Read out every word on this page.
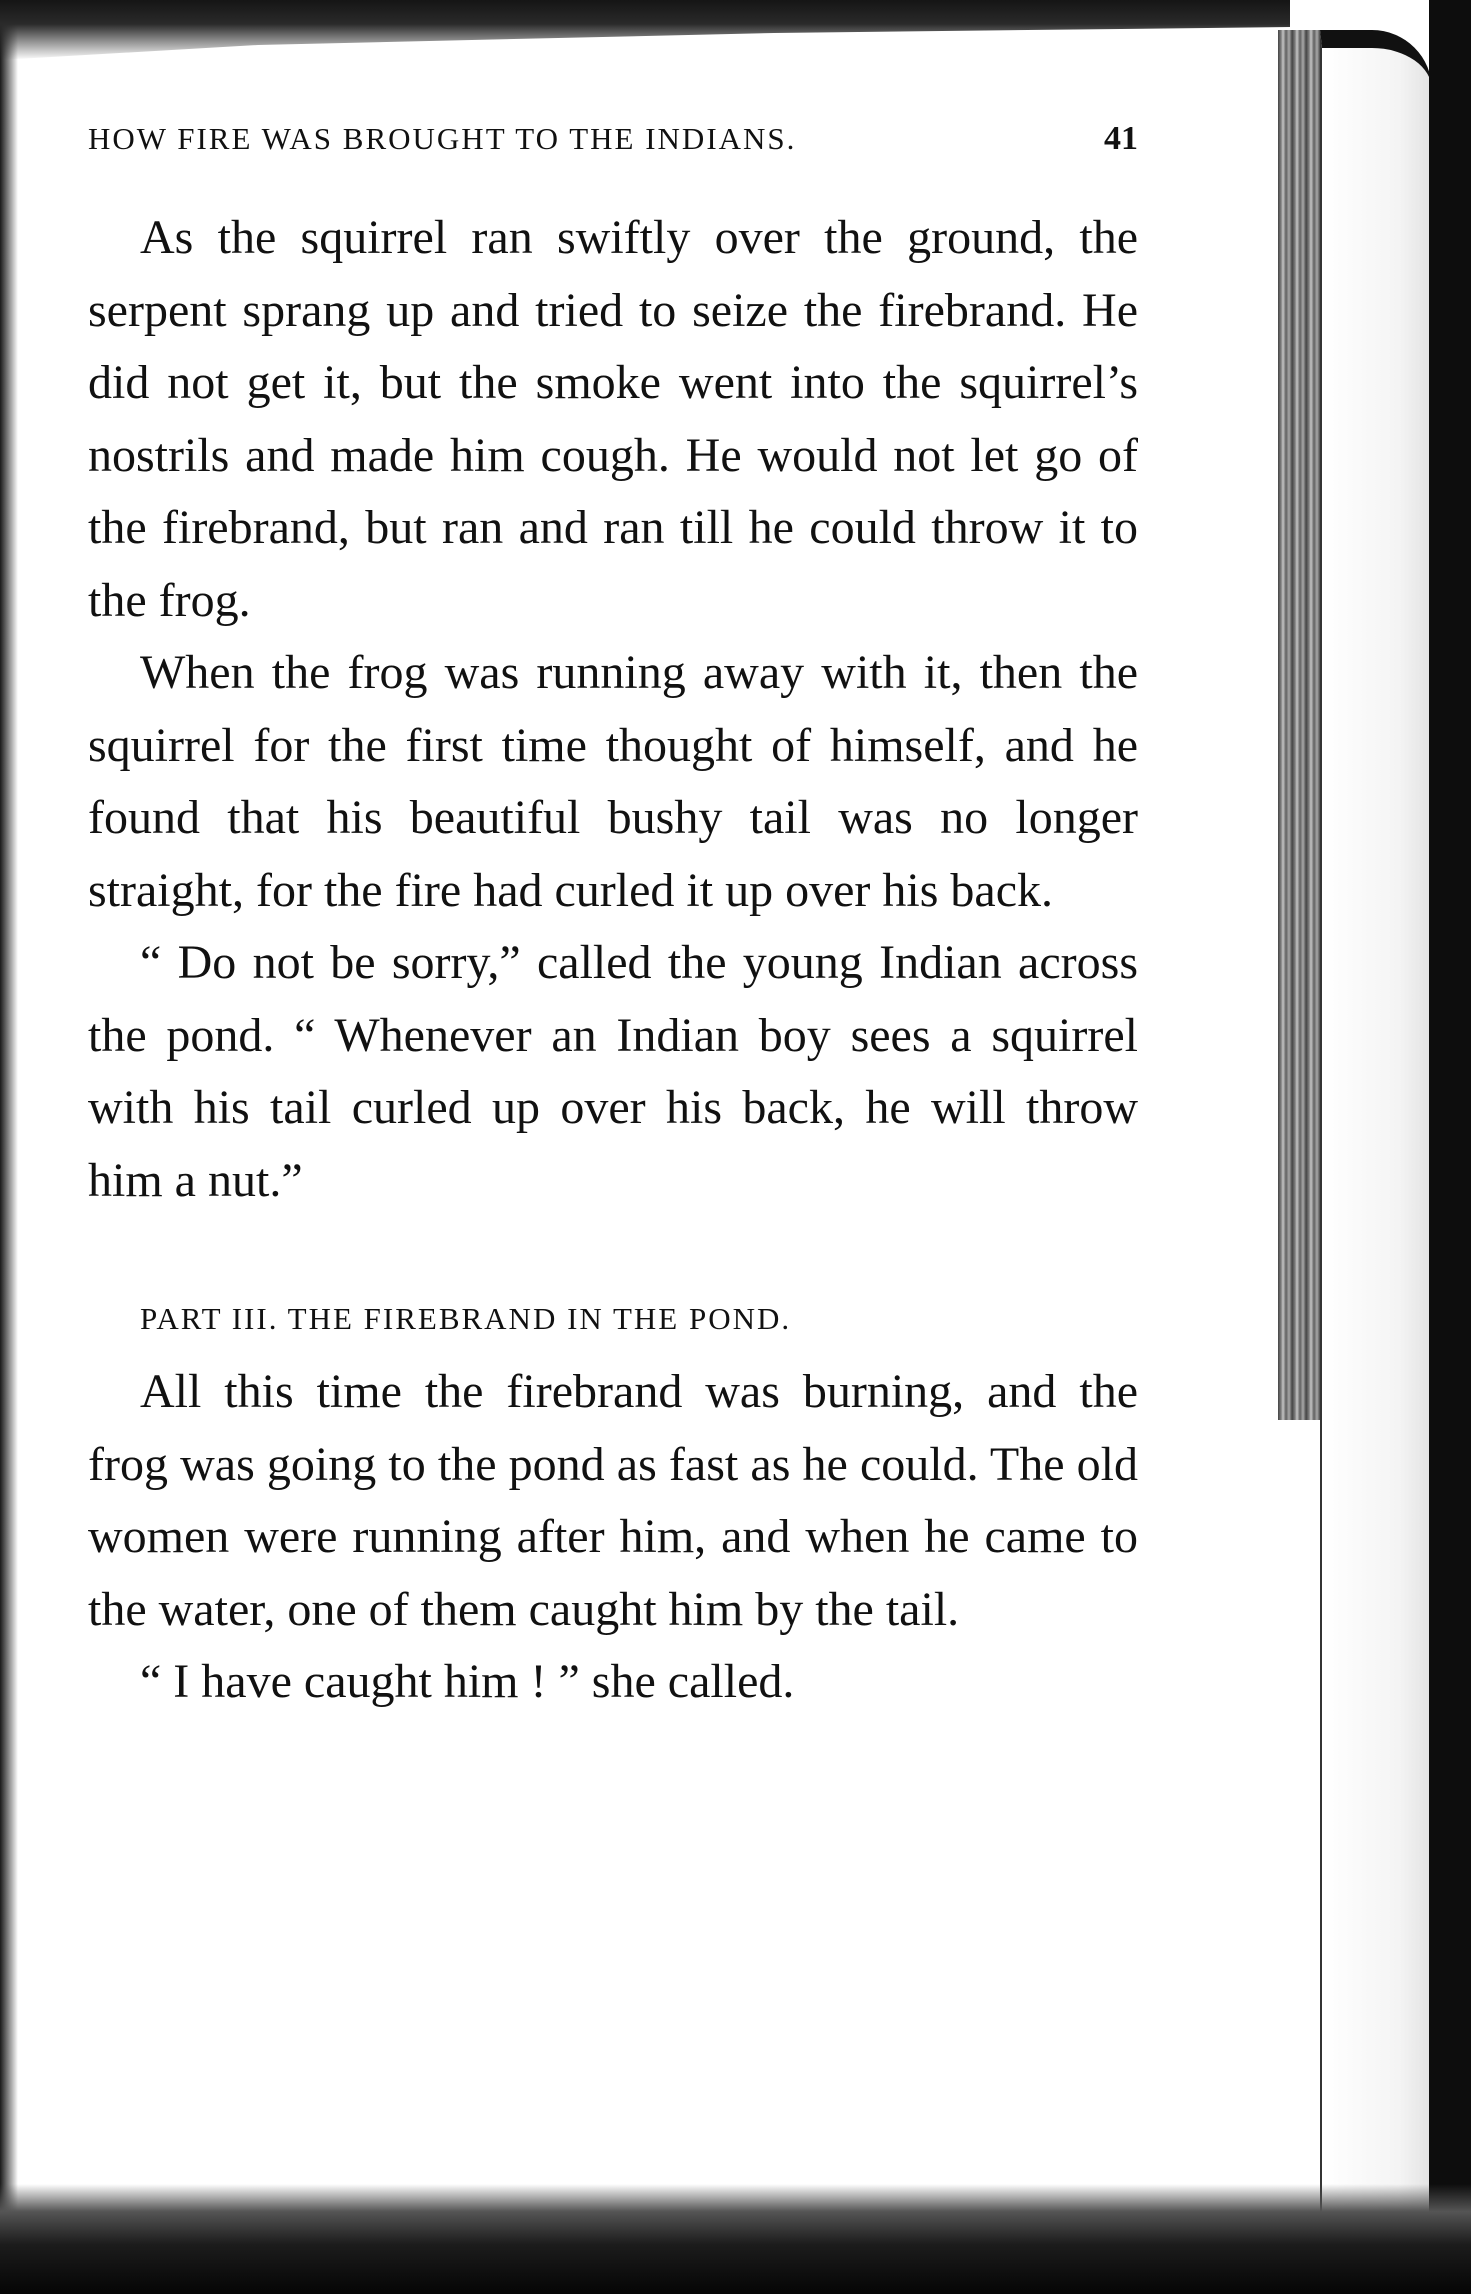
HOW FIRE WAS BROUGHT TO THE INDIANS.	41

As the squirrel ran swiftly over the ground, the serpent sprang up and tried to seize the firebrand. He did not get it, but the smoke went into the squirrel’s nostrils and made him cough. He would not let go of the firebrand, but ran and ran till he could throw it to the frog.

When the frog was running away with it, then the squirrel for the first time thought of himself, and he found that his beautiful bushy tail was no longer straight, for the fire had curled it up over his back.

“ Do not be sorry,” called the young Indian across the pond. “ Whenever an Indian boy sees a squirrel with his tail curled up over his back, he will throw him a nut.”

PART III. THE FIREBRAND IN THE POND.

All this time the firebrand was burning, and the frog was going to the pond as fast as he could. The old women were running after him, and when he came to the water, one of them caught him by the tail.

“ I have caught him ! ” she called.
